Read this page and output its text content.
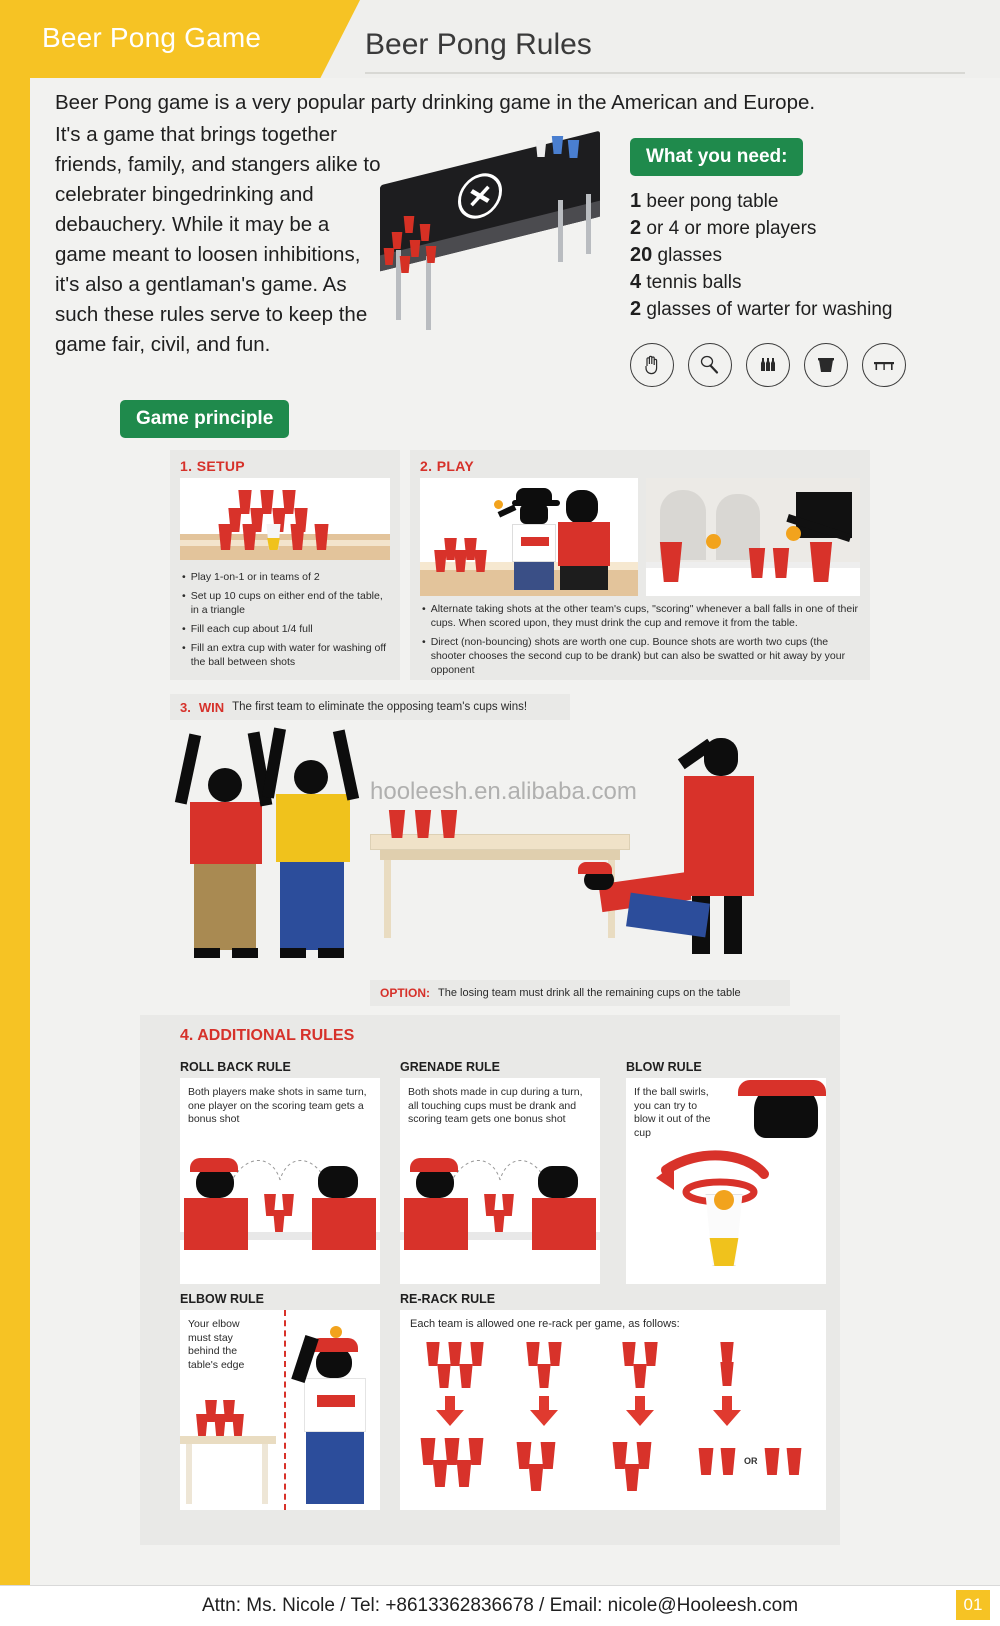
Beer Pong Game	Beer Pong Rules
Beer Pong game is a very popular party drinking game in the American and Europe.
It's a game that brings together friends, family, and stangers alike to celebrater bingedrinking and debauchery. While it may be a game meant to loosen inhibitions, it's also a gentlaman's game. As such these rules serve to keep the game fair, civil, and fun.
What you need:
1 beer pong table
2 or 4 or more players
20 glasses
4 tennis balls
2 glasses of warter for washing
Game principle
1. SETUP
• Play 1-on-1 or in teams of 2
• Set up 10 cups on either end of the table, in a triangle
• Fill each cup about 1/4 full
• Fill an extra cup with water for washing off the ball between shots
2. PLAY
• Alternate taking shots at the other team's cups, "scoring" whenever a ball falls in one of their cups. When scored upon, they must drink the cup and remove it from the table.
• Direct (non-bouncing) shots are worth one cup. Bounce shots are worth two cups (the shooter chooses the second cup to be drank) but can also be swatted or hit away by your opponent
3. WIN The first team to eliminate the opposing team's cups wins!
hooleesh.en.alibaba.com
OPTION: The losing team must drink all the remaining cups on the table
4. ADDITIONAL RULES
ROLL BACK RULE
Both players make shots in same turn, one player on the scoring team gets a bonus shot
GRENADE RULE
Both shots made in cup during a turn, all touching cups must be drank and scoring team gets one bonus shot
BLOW RULE
If the ball swirls, you can try to blow it out of the cup
ELBOW RULE
Your elbow must stay behind the table's edge
RE-RACK RULE
Each team is allowed one re-rack per game, as follows:
OR
Attn: Ms. Nicole / Tel: +8613362836678 / Email: nicole@Hooleesh.com	01
